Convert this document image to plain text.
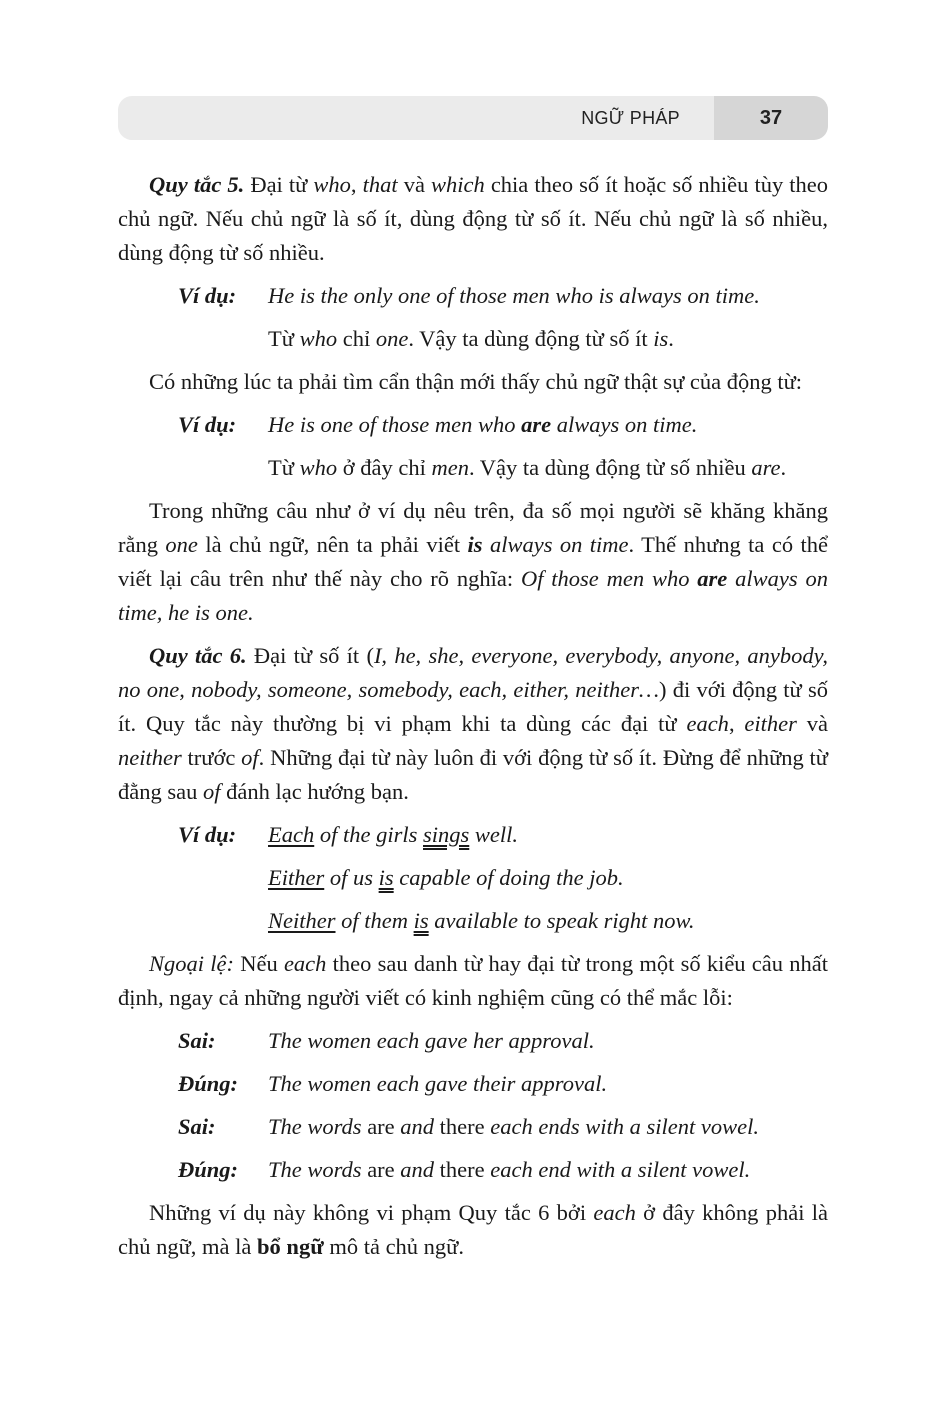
NGỮ PHÁP	37

Quy tắc 5. Đại từ who, that và which chia theo số ít hoặc số nhiều tùy theo chủ ngữ. Nếu chủ ngữ là số ít, dùng động từ số ít. Nếu chủ ngữ là số nhiều, dùng động từ số nhiều.

Ví dụ:	He is the only one of those men who is always on time.
Từ who chỉ one. Vậy ta dùng động từ số ít is.

Có những lúc ta phải tìm cẩn thận mới thấy chủ ngữ thật sự của động từ:

Ví dụ:	He is one of those men who are always on time.
Từ who ở đây chỉ men. Vậy ta dùng động từ số nhiều are.

Trong những câu như ở ví dụ nêu trên, đa số mọi người sẽ khăng khăng rằng one là chủ ngữ, nên ta phải viết is always on time. Thế nhưng ta có thể viết lại câu trên như thế này cho rõ nghĩa: Of those men who are always on time, he is one.

Quy tắc 6. Đại từ số ít (I, he, she, everyone, everybody, anyone, anybody, no one, nobody, someone, somebody, each, either, neither…) đi với động từ số ít. Quy tắc này thường bị vi phạm khi ta dùng các đại từ each, either và neither trước of. Những đại từ này luôn đi với động từ số ít. Đừng để những từ đằng sau of đánh lạc hướng bạn.

Ví dụ:	Each of the girls sings well.
Either of us is capable of doing the job.
Neither of them is available to speak right now.

Ngoại lệ: Nếu each theo sau danh từ hay đại từ trong một số kiểu câu nhất định, ngay cả những người viết có kinh nghiệm cũng có thể mắc lỗi:

Sai:	The women each gave her approval.
Đúng:	The women each gave their approval.
Sai:	The words are and there each ends with a silent vowel.
Đúng:	The words are and there each end with a silent vowel.

Những ví dụ này không vi phạm Quy tắc 6 bởi each ở đây không phải là chủ ngữ, mà là bổ ngữ mô tả chủ ngữ.
